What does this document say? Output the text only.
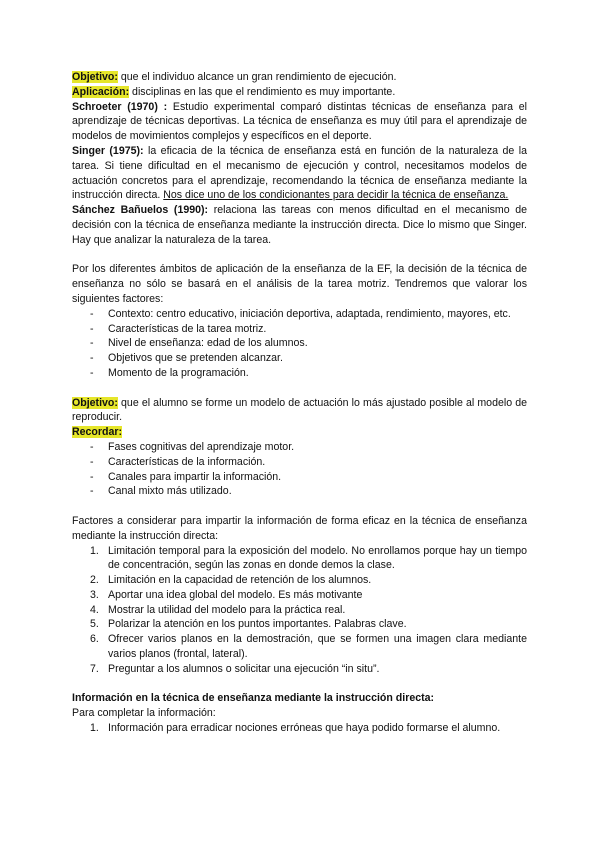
Objetivo: que el individuo alcance un gran rendimiento de ejecución.

Aplicación: disciplinas en las que el rendimiento es muy importante.

Schroeter (1970) : Estudio experimental comparó distintas técnicas de enseñanza para el aprendizaje de técnicas deportivas. La técnica de enseñanza es muy útil para el aprendizaje de modelos de movimientos complejos y específicos en el deporte.

Singer (1975): la eficacia de la técnica de enseñanza está en función de la naturaleza de la tarea. Si tiene dificultad en el mecanismo de ejecución y control, necesitamos modelos de actuación concretos para el aprendizaje, recomendando la técnica de enseñanza mediante la instrucción directa. Nos dice uno de los condicionantes para decidir la técnica de enseñanza.

Sánchez Bañuelos (1990): relaciona las tareas con menos dificultad en el mecanismo de decisión con la técnica de enseñanza mediante la instrucción directa. Dice lo mismo que Singer. Hay que analizar la naturaleza de la tarea.

Por los diferentes ámbitos de aplicación de la enseñanza de la EF, la decisión de la técnica de enseñanza no sólo se basará en el análisis de la tarea motriz. Tendremos que valorar los siguientes factores:

- Contexto: centro educativo, iniciación deportiva, adaptada, rendimiento, mayores, etc.
- Características de la tarea motriz.
- Nivel de enseñanza: edad de los alumnos.
- Objetivos que se pretenden alcanzar.
- Momento de la programación.

Objetivo: que el alumno se forme un modelo de actuación lo más ajustado posible al modelo de reproducir.

Recordar:

- Fases cognitivas del aprendizaje motor.
- Características de la información.
- Canales para impartir la información.
- Canal mixto más utilizado.

Factores a considerar para impartir la información de forma eficaz en la técnica de enseñanza mediante la instrucción directa:

1. Limitación temporal para la exposición del modelo. No enrollamos porque hay un tiempo de concentración, según las zonas en donde demos la clase.
2. Limitación en la capacidad de retención de los alumnos.
3. Aportar una idea global del modelo. Es más motivante
4. Mostrar la utilidad del modelo para la práctica real.
5. Polarizar la atención en los puntos importantes. Palabras clave.
6. Ofrecer varios planos en la demostración, que se formen una imagen clara mediante varios planos (frontal, lateral).
7. Preguntar a los alumnos o solicitar una ejecución “in situ”.

Información en la técnica de enseñanza mediante la instrucción directa:

Para completar la información:

1. Información para erradicar nociones erróneas que haya podido formarse el alumno.
